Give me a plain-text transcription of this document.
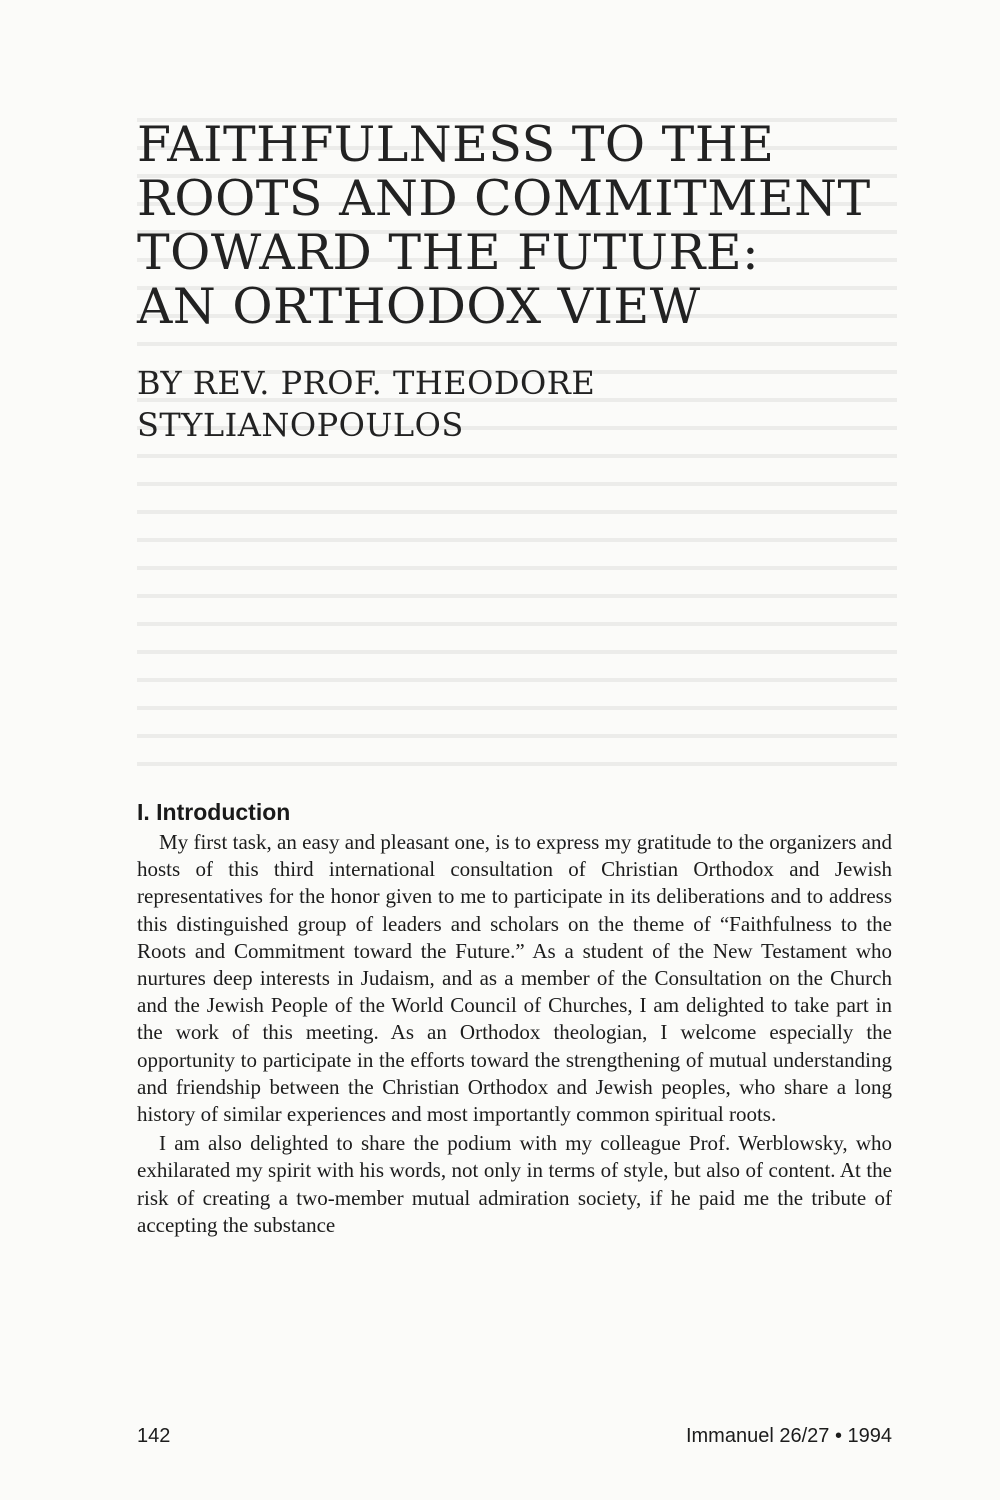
FAITHFULNESS TO THE
ROOTS AND COMMITMENT
TOWARD THE FUTURE:
AN ORTHODOX VIEW
BY REV. PROF. THEODORE
STYLIANOPOULOS
I. Introduction

My first task, an easy and pleasant one, is to express my gratitude to the organizers and hosts of this third international consultation of Christian Orthodox and Jewish representatives for the honor given to me to participate in its deliberations and to address this distinguished group of leaders and scholars on the theme of “Faithfulness to the Roots and Commitment toward the Future.” As a student of the New Testament who nurtures deep interests in Judaism, and as a member of the Consultation on the Church and the Jewish People of the World Council of Churches, I am delighted to take part in the work of this meeting. As an Orthodox theologian, I welcome especially the opportunity to participate in the efforts toward the strengthening of mutual understanding and friendship between the Christian Orthodox and Jewish peoples, who share a long history of similar experiences and most importantly common spiritual roots.

I am also delighted to share the podium with my colleague Prof. Werblowsky, who exhilarated my spirit with his words, not only in terms of style, but also of content. At the risk of creating a two-member mutual admiration society, if he paid me the tribute of accepting the substance

142	Immanuel 26/27 • 1994
